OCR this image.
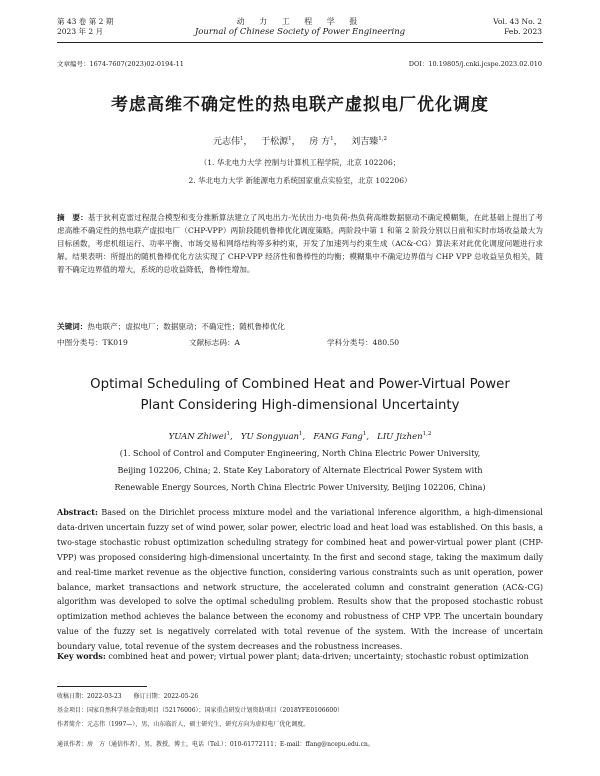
第 43 卷 第 2 期
2023 年 2 月
动 力 工 程 学 报
Journal of Chinese Society of Power Engineering
Vol. 43 No. 2
Feb. 2023
文章编号：1674-7607(2023)02-0194-11	DOI：10.19805/j.cnki.jcspe.2023.02.010
考虑高维不确定性的热电联产虚拟电厂优化调度
元志伟$^1$，   于松源$^1$，   房 方$^1$，   刘吉臻$^{1,2}$
（1. 华北电力大学 控制与计算机工程学院，北京 102206；
2. 华北电力大学 新能源电力系统国家重点实验室，北京 102206）
摘　要：基于狄利克雷过程混合模型和变分推断算法建立了风电出力-光伏出力-电负荷-热负荷高维数据驱动不确定模糊集，在此基础上提出了考虑高维不确定性的热电联产虚拟电厂（CHP-VPP）两阶段随机鲁棒优化调度策略。两阶段中第 1 和第 2 阶段分别以日前和实时市场收益最大为目标函数，考虑机组运行、功率平衡、市场交易和网络结构等多种约束，开发了加速列与约束生成（AC&-CG）算法来对此优化调度问题进行求解。结果表明：所提出的随机鲁棒优化方法实现了 CHP-VPP 经济性和鲁棒性的均衡；模糊集中不确定边界值与 CHP VPP 总收益呈负相关，随着不确定边界值的增大，系统的总收益降低，鲁棒性增加。
关键词：热电联产；虚拟电厂；数据驱动；不确定性；随机鲁棒优化
中图分类号：TK019	文献标志码：A	学科分类号：480.50
Optimal Scheduling of Combined Heat and Power-Virtual Power
Plant Considering High-dimensional Uncertainty
YUAN Zhiwei$^1$,   YU Songyuan$^1$,   FANG Fang$^1$,   LIU Jizhen$^{1,2}$
(1. School of Control and Computer Engineering, North China Electric Power University,
Beijing 102206, China; 2. State Key Laboratory of Alternate Electrical Power System with
Renewable Energy Sources, North China Electric Power University, Beijing 102206, China)
Abstract: Based on the Dirichlet process mixture model and the variational inference algorithm, a high-dimensional data-driven uncertain fuzzy set of wind power, solar power, electric load and heat load was established. On this basis, a two-stage stochastic robust optimization scheduling strategy for combined heat and power-virtual power plant (CHP-VPP) was proposed considering high-dimensional uncertainty. In the first and second stage, taking the maximum daily and real-time market revenue as the objective function, considering various constraints such as unit operation, power balance, market transactions and network structure, the accelerated column and constraint generation (AC&-CG) algorithm was developed to solve the optimal scheduling problem. Results show that the proposed stochastic robust optimization method achieves the balance between the economy and robustness of CHP VPP. The uncertain boundary value of the fuzzy set is negatively correlated with total revenue of the system. With the increase of uncertain boundary value, total revenue of the system decreases and the robustness increases.
Key words: combined heat and power; virtual power plant; data-driven; uncertainty; stochastic robust optimization
收稿日期：2022-03-23　　修订日期：2022-05-26
基金项目：国家自然科学基金资助项目（52176006）；国家重点研发计划资助项目（2018YFE0106600）
作者简介：元志伟（1997—），男，山东临沂人，硕士研究生，研究方向为虚拟电厂优化调度。
通讯作者：房　方（通信作者），男，教授，博士，电话（Tel.）：010-61772111；E-mail：ffang@ncepu.edu.cn。
